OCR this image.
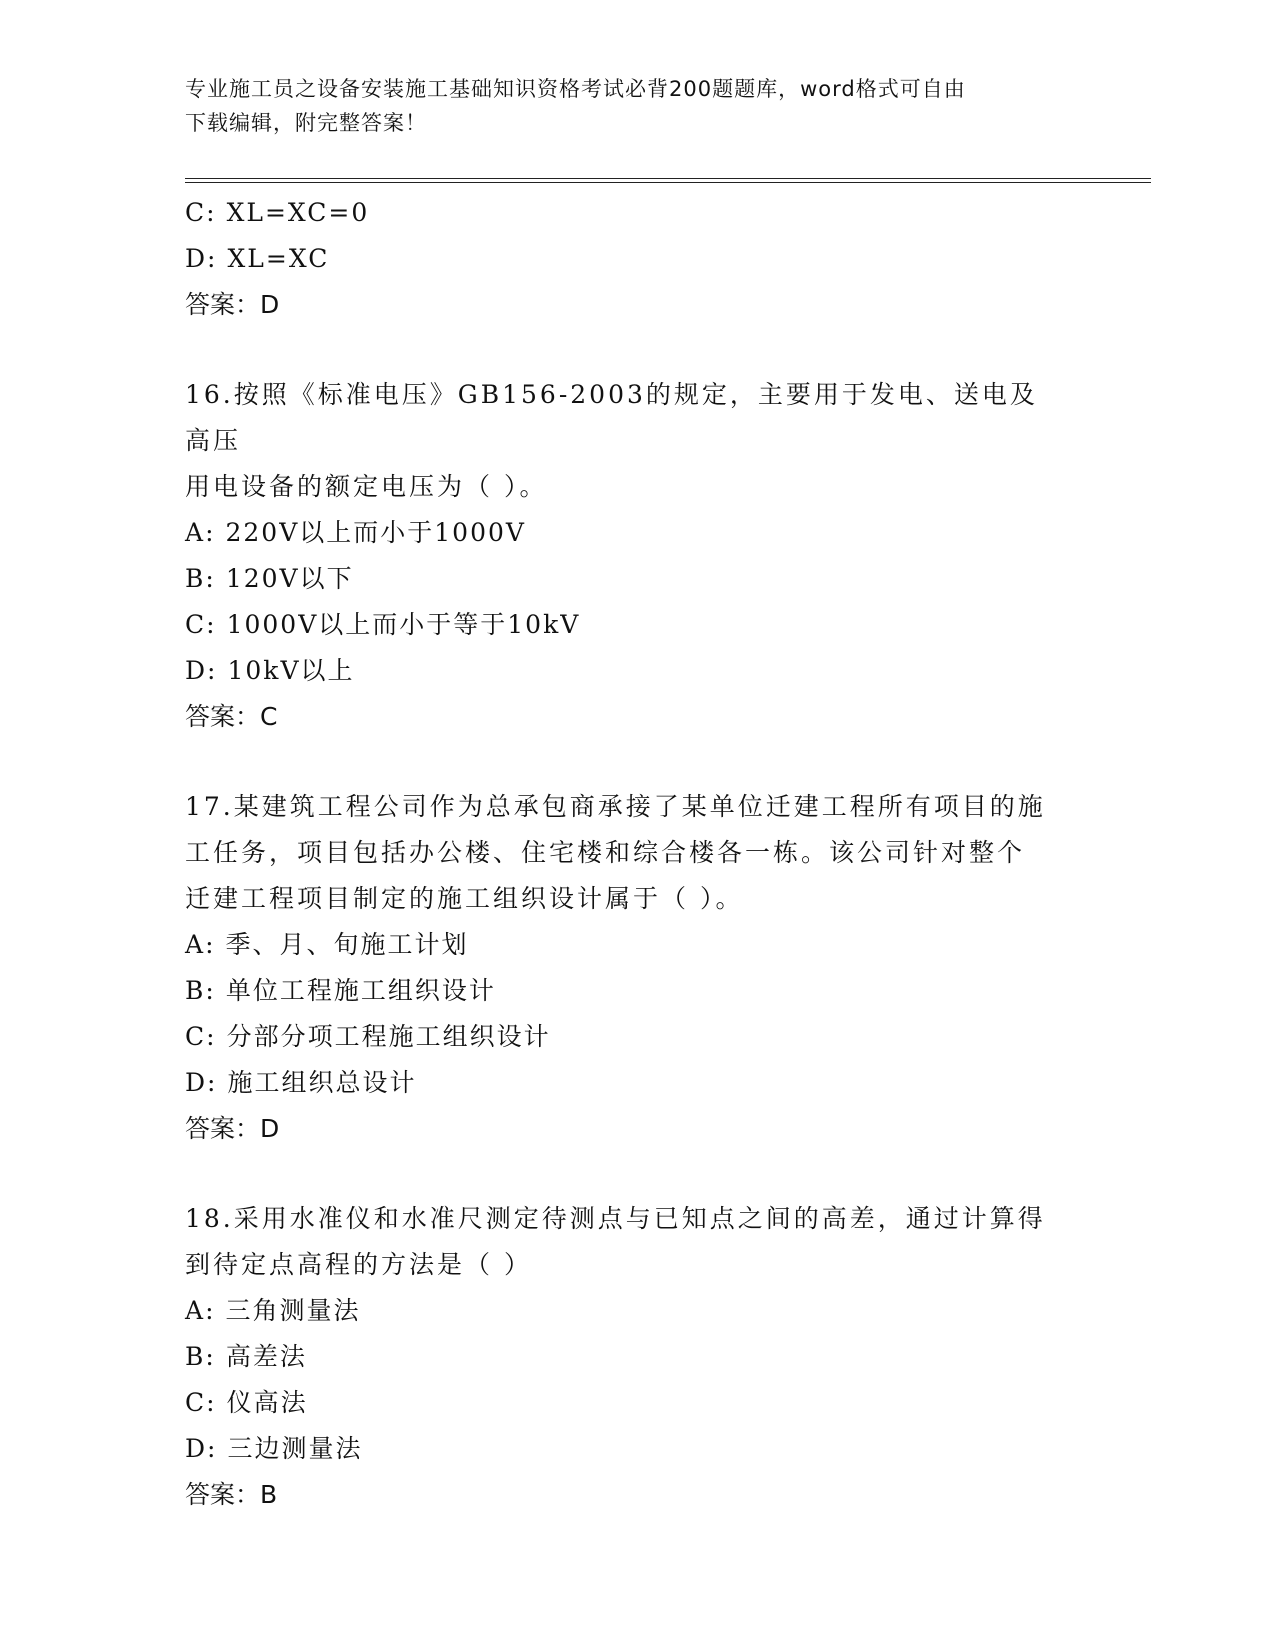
专业施工员之设备安装施工基础知识资格考试必背200题题库，word格式可自由
下载编辑，附完整答案！
C: XL=XC=0
D: XL=XC
答案：D
16.按照《标准电压》GB156-2003的规定，主要用于发电、送电及高压
用电设备的额定电压为（ ）。
A: 220V以上而小于1000V
B: 120V以下
C: 1000V以上而小于等于10kV
D: 10kV以上
答案：C
17.某建筑工程公司作为总承包商承接了某单位迁建工程所有项目的施
工任务，项目包括办公楼、住宅楼和综合楼各一栋。该公司针对整个
迁建工程项目制定的施工组织设计属于（ ）。
A: 季、月、旬施工计划
B: 单位工程施工组织设计
C: 分部分项工程施工组织设计
D: 施工组织总设计
答案：D
18.采用水准仪和水准尺测定待测点与已知点之间的高差，通过计算得
到待定点高程的方法是（ ）
A: 三角测量法
B: 高差法
C: 仪高法
D: 三边测量法
答案：B
